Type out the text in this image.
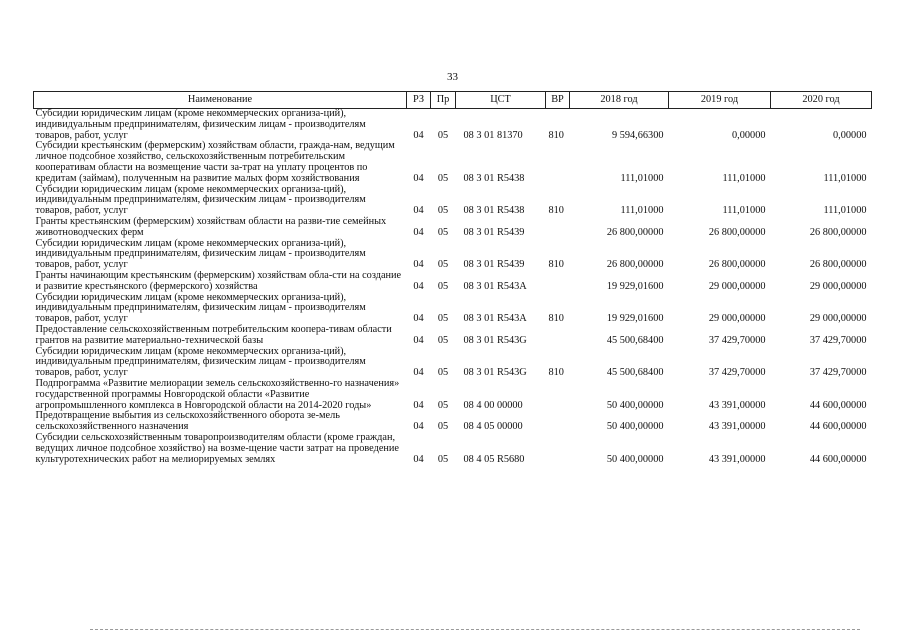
33
Наименование	РЗ	Пр	ЦСТ	ВР	2018 год	2019 год	2020 год
Субсидии юридическим лицам (кроме некоммерческих организа-ций), индивидуальным предпринимателям, физическим лицам - производителям товаров, работ, услуг	04	05	08 3 01 81370	810	9 594,66300	0,00000	0,00000
Субсидии крестьянским (фермерским) хозяйствам области, гражда-нам, ведущим личное подсобное хозяйство, сельскохозяйственным потребительским кооперативам области на возмещение части за-трат на уплату процентов по кредитам (займам), полученным на развитие малых форм хозяйствования	04	05	08 3 01 R5438		111,01000	111,01000	111,01000
Субсидии юридическим лицам (кроме некоммерческих организа-ций), индивидуальным предпринимателям, физическим лицам - производителям товаров, работ, услуг	04	05	08 3 01 R5438	810	111,01000	111,01000	111,01000
Гранты крестьянским (фермерским) хозяйствам области на разви-тие семейных животноводческих ферм	04	05	08 3 01 R5439		26 800,00000	26 800,00000	26 800,00000
Субсидии юридическим лицам (кроме некоммерческих организа-ций), индивидуальным предпринимателям, физическим лицам - производителям товаров, работ, услуг	04	05	08 3 01 R5439	810	26 800,00000	26 800,00000	26 800,00000
Гранты начинающим крестьянским (фермерским) хозяйствам обла-сти на создание и развитие крестьянского (фермерского) хозяйства	04	05	08 3 01 R543A		19 929,01600	29 000,00000	29 000,00000
Субсидии юридическим лицам (кроме некоммерческих организа-ций), индивидуальным предпринимателям, физическим лицам - производителям товаров, работ, услуг	04	05	08 3 01 R543A	810	19 929,01600	29 000,00000	29 000,00000
Предоставление сельскохозяйственным потребительским коопера-тивам области грантов на развитие материально-технической базы	04	05	08 3 01 R543G		45 500,68400	37 429,70000	37 429,70000
Субсидии юридическим лицам (кроме некоммерческих организа-ций), индивидуальным предпринимателям, физическим лицам - производителям товаров, работ, услуг	04	05	08 3 01 R543G	810	45 500,68400	37 429,70000	37 429,70000
Подпрограмма «Развитие мелиорации земель сельскохозяйственно-го назначения» государственной программы Новгородской области «Развитие агропромышленного комплекса в Новгородской области на 2014-2020 годы»	04	05	08 4 00 00000		50 400,00000	43 391,00000	44 600,00000
Предотвращение выбытия из сельскохозяйственного оборота зе-мель сельскохозяйственного назначения	04	05	08 4 05 00000		50 400,00000	43 391,00000	44 600,00000
Субсидии сельскохозяйственным товаропроизводителям области (кроме граждан, ведущих личное подсобное хозяйство) на возме-щение части затрат на проведение культуротехнических работ на мелиорируемых землях	04	05	08 4 05 R5680		50 400,00000	43 391,00000	44 600,00000
